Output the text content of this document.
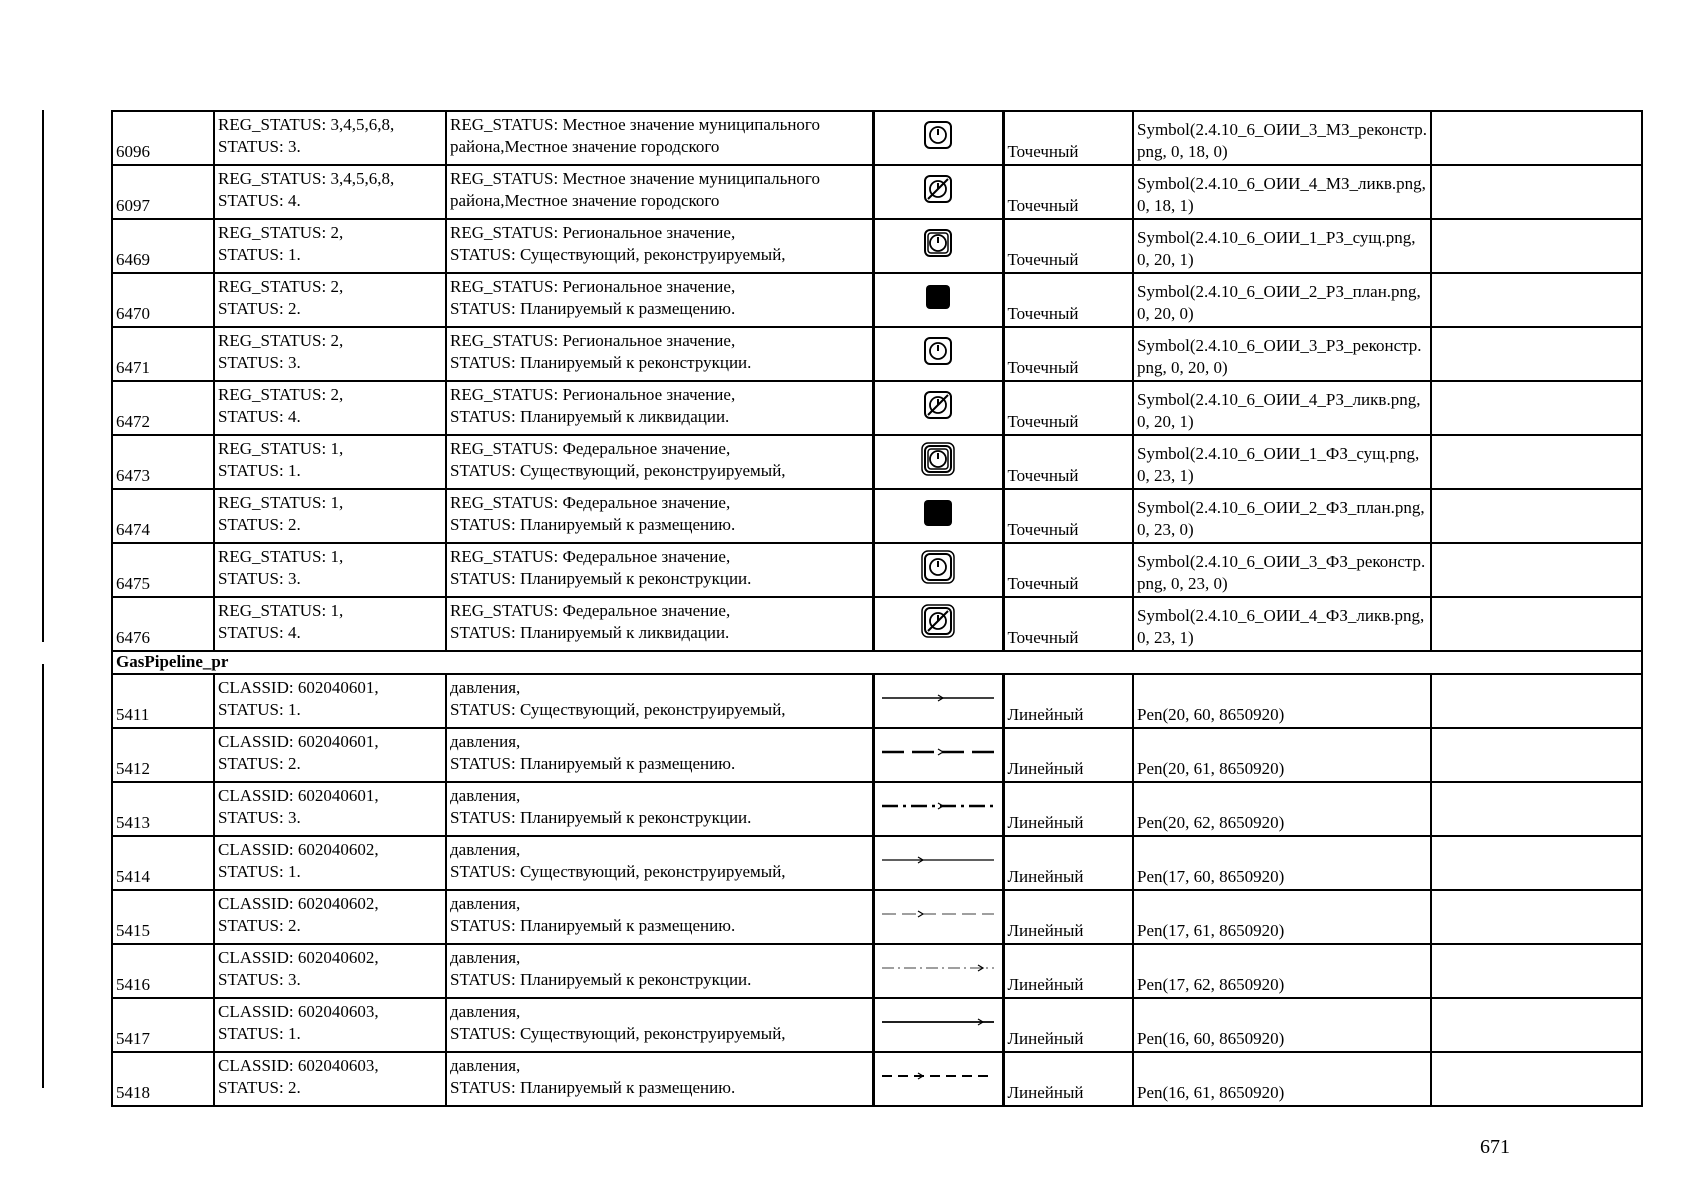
6096	REG_STATUS: 3,4,5,6,8,
STATUS: 3.	REG_STATUS: Местное значение муниципального
района,Местное значение городского		Точечный	Symbol(2.4.10_6_ОИИ_3_МЗ_реконстр.png, 0, 18, 0)	
6097	REG_STATUS: 3,4,5,6,8,
STATUS: 4.	REG_STATUS: Местное значение муниципального
района,Местное значение городского		Точечный	Symbol(2.4.10_6_ОИИ_4_МЗ_ликв.png, 0, 18, 1)	
6469	REG_STATUS: 2,
STATUS: 1.	REG_STATUS: Региональное значение,
STATUS: Существующий, реконструируемый,		Точечный	Symbol(2.4.10_6_ОИИ_1_РЗ_сущ.png, 0, 20, 1)	
6470	REG_STATUS: 2,
STATUS: 2.	REG_STATUS: Региональное значение,
STATUS: Планируемый к размещению.		Точечный	Symbol(2.4.10_6_ОИИ_2_РЗ_план.png, 0, 20, 0)	
6471	REG_STATUS: 2,
STATUS: 3.	REG_STATUS: Региональное значение,
STATUS: Планируемый к реконструкции.		Точечный	Symbol(2.4.10_6_ОИИ_3_РЗ_реконстр.png, 0, 20, 0)	
6472	REG_STATUS: 2,
STATUS: 4.	REG_STATUS: Региональное значение,
STATUS: Планируемый к ликвидации.		Точечный	Symbol(2.4.10_6_ОИИ_4_РЗ_ликв.png, 0, 20, 1)	
6473	REG_STATUS: 1,
STATUS: 1.	REG_STATUS: Федеральное значение,
STATUS: Существующий, реконструируемый,		Точечный	Symbol(2.4.10_6_ОИИ_1_ФЗ_сущ.png, 0, 23, 1)	
6474	REG_STATUS: 1,
STATUS: 2.	REG_STATUS: Федеральное значение,
STATUS: Планируемый к размещению.		Точечный	Symbol(2.4.10_6_ОИИ_2_ФЗ_план.png, 0, 23, 0)	
6475	REG_STATUS: 1,
STATUS: 3.	REG_STATUS: Федеральное значение,
STATUS: Планируемый к реконструкции.		Точечный	Symbol(2.4.10_6_ОИИ_3_ФЗ_реконстр.png, 0, 23, 0)	
6476	REG_STATUS: 1,
STATUS: 4.	REG_STATUS: Федеральное значение,
STATUS: Планируемый к ликвидации.		Точечный	Symbol(2.4.10_6_ОИИ_4_ФЗ_ликв.png, 0, 23, 1)	
GasPipeline_pr						
5411	CLASSID: 602040601,
STATUS: 1.	давления,
STATUS: Существующий, реконструируемый,		Линейный	Pen(20, 60, 8650920)	
5412	CLASSID: 602040601,
STATUS: 2.	давления,
STATUS: Планируемый к размещению.		Линейный	Pen(20, 61, 8650920)	
5413	CLASSID: 602040601,
STATUS: 3.	давления,
STATUS: Планируемый к реконструкции.		Линейный	Pen(20, 62, 8650920)	
5414	CLASSID: 602040602,
STATUS: 1.	давления,
STATUS: Существующий, реконструируемый,		Линейный	Pen(17, 60, 8650920)	
5415	CLASSID: 602040602,
STATUS: 2.	давления,
STATUS: Планируемый к размещению.		Линейный	Pen(17, 61, 8650920)	
5416	CLASSID: 602040602,
STATUS: 3.	давления,
STATUS: Планируемый к реконструкции.		Линейный	Pen(17, 62, 8650920)	
5417	CLASSID: 602040603,
STATUS: 1.	давления,
STATUS: Существующий, реконструируемый,		Линейный	Pen(16, 60, 8650920)	
5418	CLASSID: 602040603,
STATUS: 2.	давления,
STATUS: Планируемый к размещению.		Линейный	Pen(16, 61, 8650920)	
671
